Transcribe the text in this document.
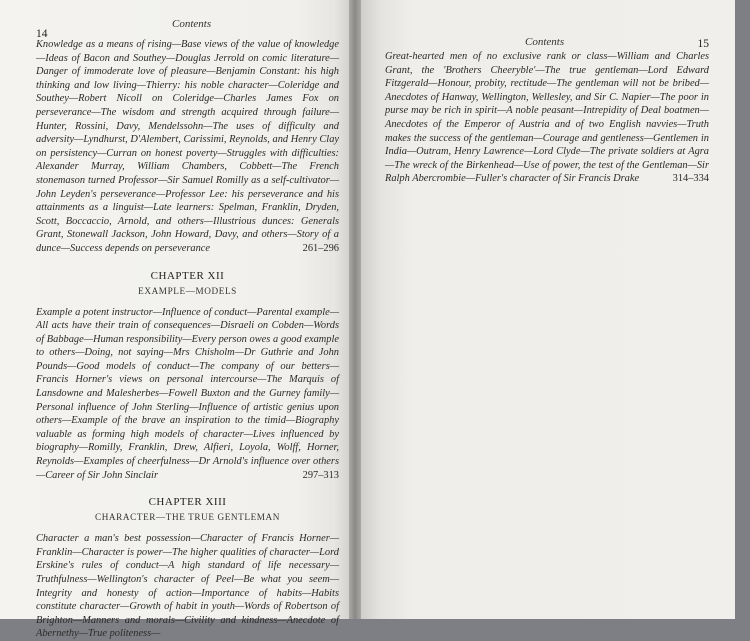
14
Contents

Knowledge as a means of rising—Base views of the value of knowledge—Ideas of Bacon and Southey—Douglas Jerrold on comic literature—Danger of immoderate love of pleasure—Benjamin Constant: his high thinking and low living—Thierry: his noble character—Coleridge and Southey—Robert Nicoll on Coleridge—Charles James Fox on perseverance—The wisdom and strength acquired through failure—Hunter, Rossini, Davy, Mendelssohn—The uses of difficulty and adversity—Lyndhurst, D'Alembert, Carissimi, Reynolds, and Henry Clay on persistency—Curran on honest poverty—Struggles with difficulties: Alexander Murray, William Chambers, Cobbett—The French stonemason turned Professor—Sir Samuel Romilly as a self-cultivator—John Leyden's perseverance—Professor Lee: his perseverance and his attainments as a linguist—Late learners: Spelman, Franklin, Dryden, Scott, Boccaccio, Arnold, and others—Illustrious dunces: Generals Grant, Stonewall Jackson, John Howard, Davy, and others—Story of a dunce—Success depends on perseverance	261–296

CHAPTER XII
EXAMPLE—MODELS

Example a potent instructor—Influence of conduct—Parental example—All acts have their train of consequences—Disraeli on Cobden—Words of Babbage—Human responsibility—Every person owes a good example to others—Doing, not saying—Mrs Chisholm—Dr Guthrie and John Pounds—Good models of conduct—The company of our betters—Francis Horner's views on personal intercourse—The Marquis of Lansdowne and Malesherbes—Fowell Buxton and the Gurney family—Personal influence of John Sterling—Influence of artistic genius upon others—Example of the brave an inspiration to the timid—Biography valuable as forming high models of character—Lives influenced by biography—Romilly, Franklin, Drew, Alfieri, Loyola, Wolff, Horner, Reynolds—Examples of cheerfulness—Dr Arnold's influence over others—Career of Sir John Sinclair	297–313

CHAPTER XIII
CHARACTER—THE TRUE GENTLEMAN

Character a man's best possession—Character of Francis Horner—Franklin—Character is power—The higher qualities of character—Lord Erskine's rules of conduct—A high standard of life necessary—Truthfulness—Wellington's character of Peel—Be what you seem—Integrity and honesty of action—Importance of habits—Habits constitute character—Growth of habit in youth—Words of Robertson of Brighton—Manners and morals—Civility and kindness—Anecdote of Abernethy—True politeness—

Contents	15

Great-hearted men of no exclusive rank or class—William and Charles Grant, the 'Brothers Cheeryble'—The true gentleman—Lord Edward Fitzgerald—Honour, probity, rectitude—The gentleman will not be bribed—Anecdotes of Hanway, Wellington, Wellesley, and Sir C. Napier—The poor in purse may be rich in spirit—A noble peasant—Intrepidity of Deal boatmen—Anecdotes of the Emperor of Austria and of two English navvies—Truth makes the success of the gentleman—Courage and gentleness—Gentlemen in India—Outram, Henry Lawrence—Lord Clyde—The private soldiers at Agra—The wreck of the Birkenhead—Use of power, the test of the Gentleman—Sir Ralph Abercrombie—Fuller's character of Sir Francis Drake	314–334
